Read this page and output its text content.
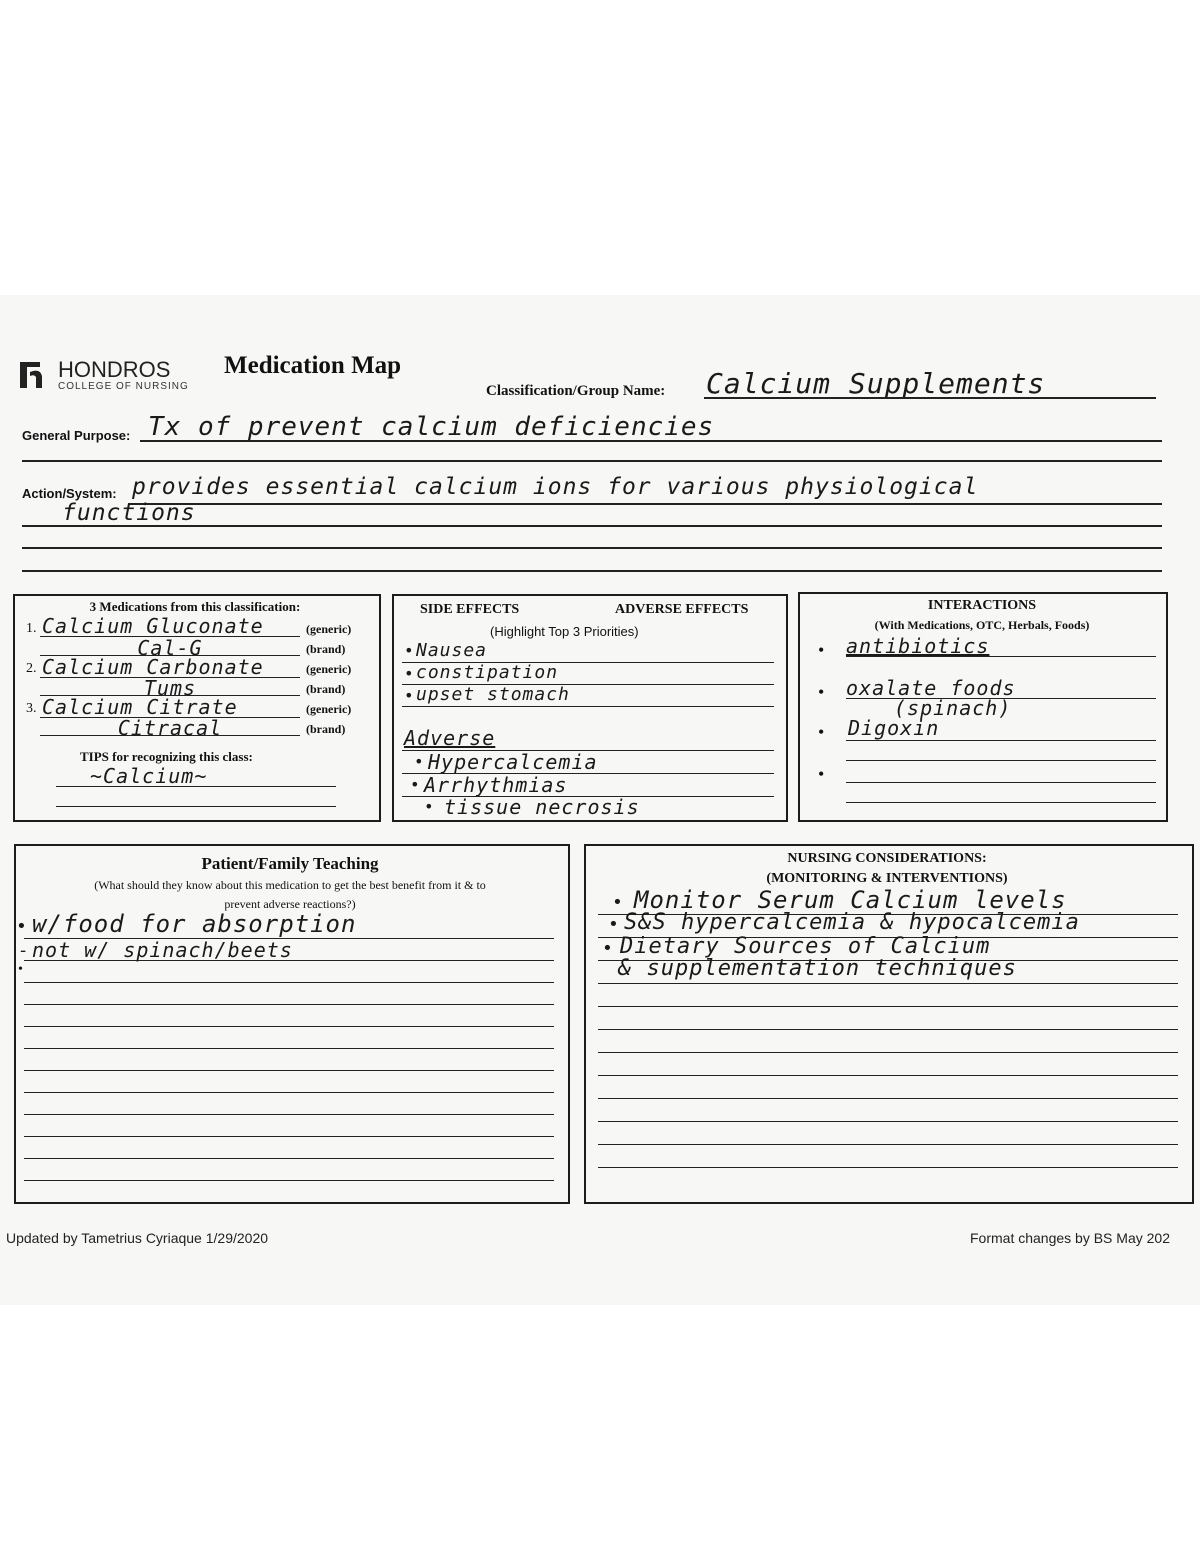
HONDROS
COLLEGE OF NURSING
Medication Map
Classification/Group Name: Calcium Supplements
General Purpose: Tx of prevent calcium deficiencies
Action/System: provides essential calcium ions for various physiological
functions
3 Medications from this classification:
1. Calcium Gluconate	(generic)
Cal-G	(brand)
2. Calcium Carbonate	(generic)
Tums	(brand)
3. Calcium Citrate	(generic)
Citracal	(brand)
TIPS for recognizing this class:
~Calcium~
SIDE EFFECTS	ADVERSE EFFECTS
(Highlight Top 3 Priorities)
• Nausea
• constipation
• upset stomach
Adverse
• Hypercalcemia
• Arrhythmias
• tissue necrosis
INTERACTIONS
(With Medications, OTC, Herbals, Foods)
• antibiotics
• oxalate foods
(spinach)
• Digoxin
•
Patient/Family Teaching
(What should they know about this medication to get the best benefit from it & to
prevent adverse reactions?)
• w/food for absorption
- not w/ spinach/beets
•
NURSING CONSIDERATIONS:
(MONITORING & INTERVENTIONS)
• Monitor Serum Calcium levels
• S&S hypercalcemia & hypocalcemia
• Dietary Sources of Calcium
& supplementation techniques
Updated by Tametrius Cyriaque 1/29/2020	Format changes by BS May 202
